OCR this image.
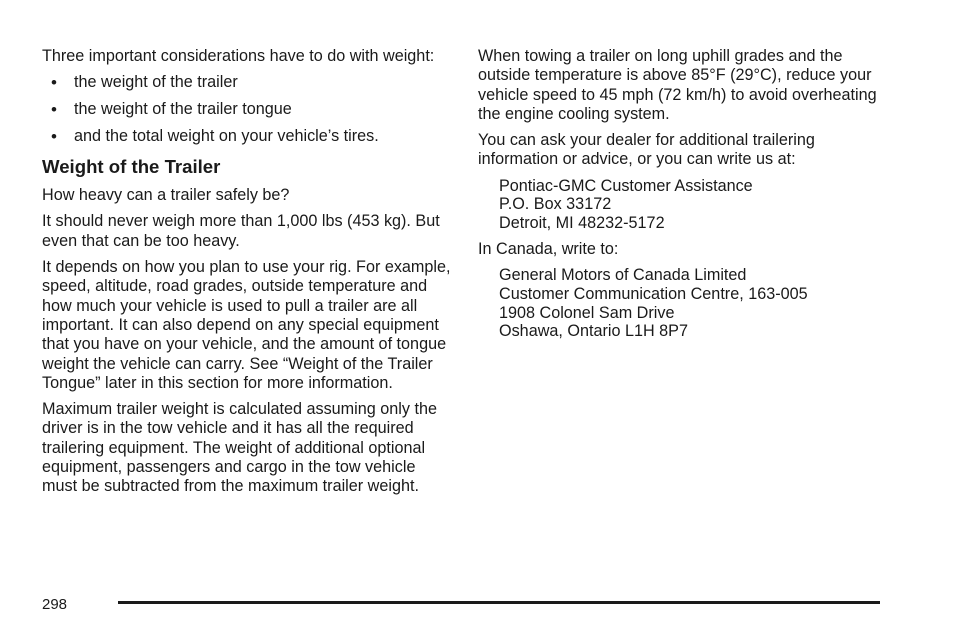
Three important considerations have to do with weight:

• the weight of the trailer
• the weight of the trailer tongue
• and the total weight on your vehicle’s tires.
Weight of the Trailer

How heavy can a trailer safely be?

It should never weigh more than 1,000 lbs (453 kg). But even that can be too heavy.

It depends on how you plan to use your rig. For example, speed, altitude, road grades, outside temperature and how much your vehicle is used to pull a trailer are all important. It can also depend on any special equipment that you have on your vehicle, and the amount of tongue weight the vehicle can carry. See “Weight of the Trailer Tongue” later in this section for more information.

Maximum trailer weight is calculated assuming only the driver is in the tow vehicle and it has all the required trailering equipment. The weight of additional optional equipment, passengers and cargo in the tow vehicle must be subtracted from the maximum trailer weight.

When towing a trailer on long uphill grades and the outside temperature is above 85°F (29°C), reduce your vehicle speed to 45 mph (72 km/h) to avoid overheating the engine cooling system.

You can ask your dealer for additional trailering information or advice, or you can write us at:

Pontiac-GMC Customer Assistance
P.O. Box 33172
Detroit, MI 48232-5172

In Canada, write to:

General Motors of Canada Limited
Customer Communication Centre, 163-005
1908 Colonel Sam Drive
Oshawa, Ontario L1H 8P7
298
